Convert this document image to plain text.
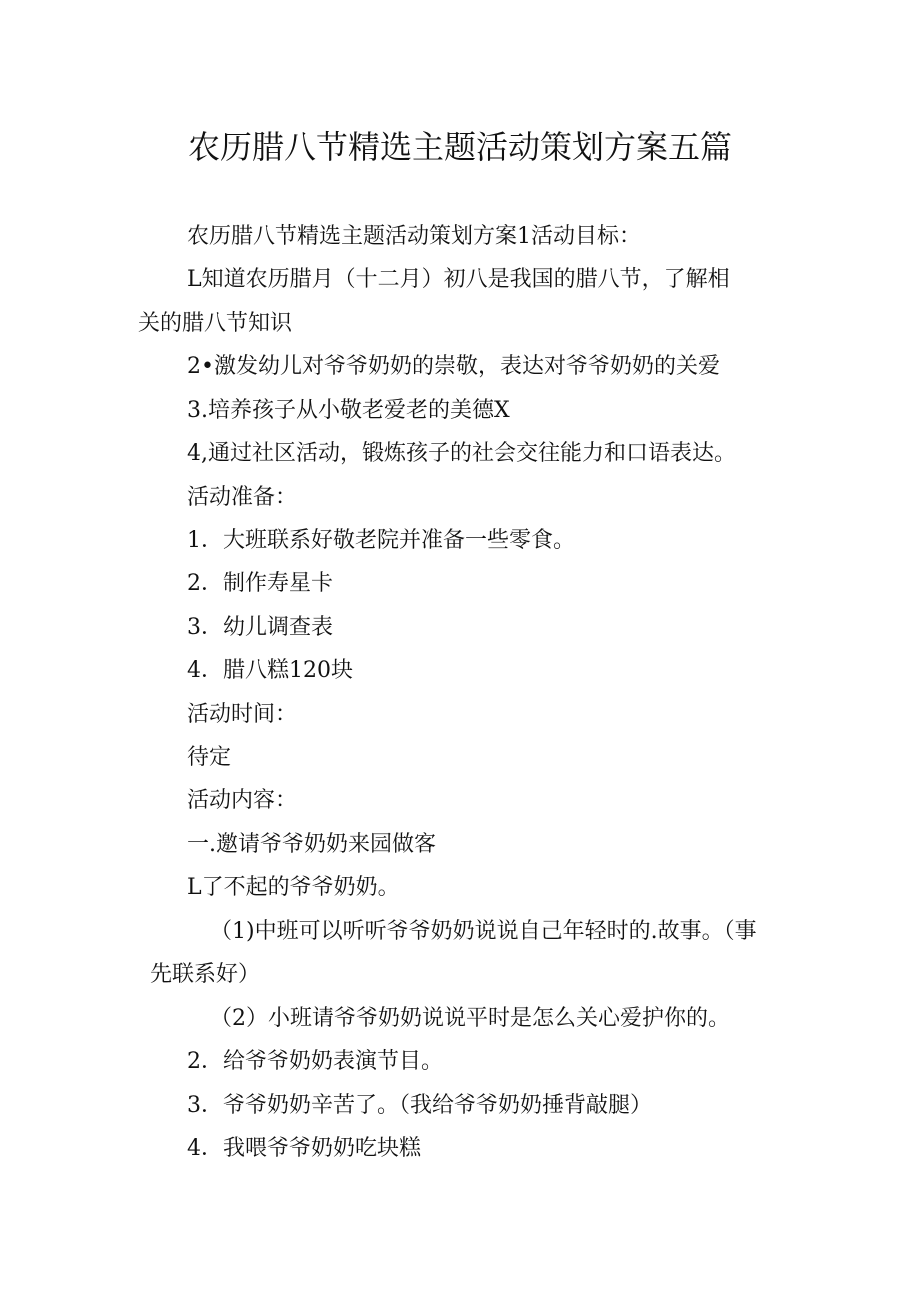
农历腊八节精选主题活动策划方案五篇
农历腊八节精选主题活动策划方案1活动目标：
L知道农历腊月（十二月）初八是我国的腊八节，了解相
关的腊八节知识
2•激发幼儿对爷爷奶奶的崇敬，表达对爷爷奶奶的关爱
3.培养孩子从小敬老爱老的美德X
4,通过社区活动，锻炼孩子的社会交往能力和口语表达。
活动准备：
1．大班联系好敬老院并准备一些零食。
2．制作寿星卡
3．幼儿调查表
4．腊八糕120块
活动时间：
待定
活动内容：
一.邀请爷爷奶奶来园做客
L了不起的爷爷奶奶。
（1)中班可以听听爷爷奶奶说说自己年轻时的.故事。（事
先联系好）
（2）小班请爷爷奶奶说说平时是怎么关心爱护你的。
2．给爷爷奶奶表演节目。
3．爷爷奶奶辛苦了。（我给爷爷奶奶捶背敲腿）
4．我喂爷爷奶奶吃块糕
